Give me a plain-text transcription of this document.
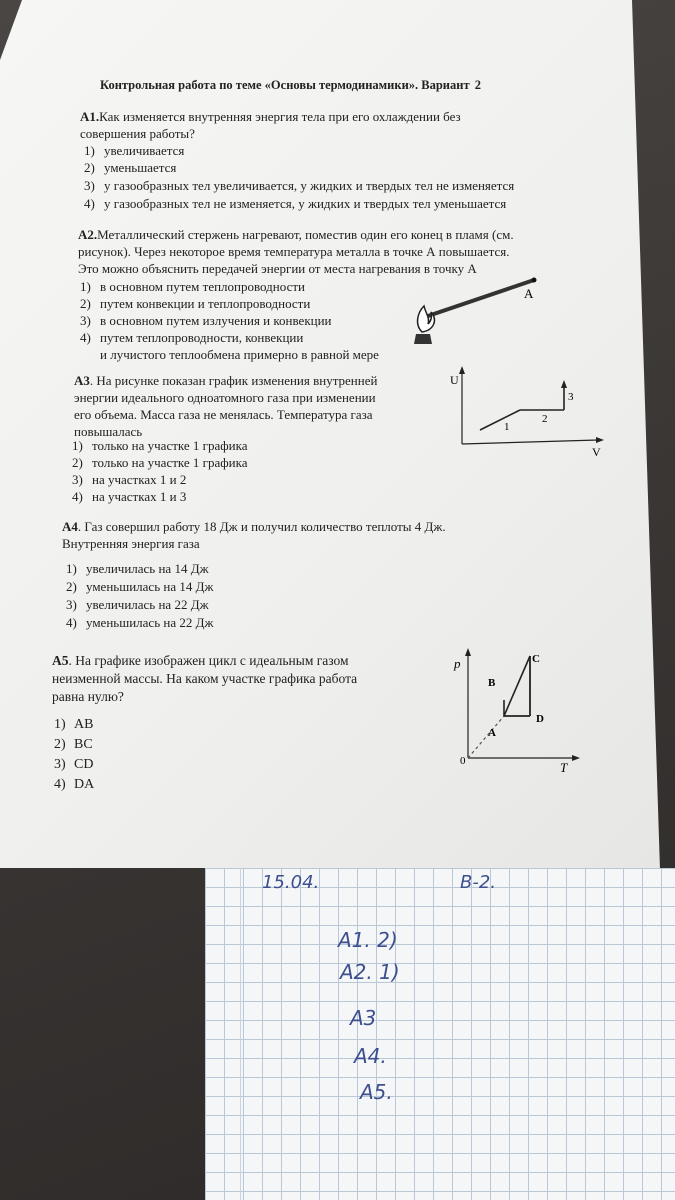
15.04.	В-2.
А1. 2)
А2. 1)
А3
А4.
А5.
Контрольная работа по теме «Основы термодинамики». Вариант 2
А1.Как изменяется внутренняя энергия тела при его охлаждении без
совершения работы?
1) увеличивается
2) уменьшается
3) у газообразных тел увеличивается, у жидких и твердых тел не изменяется
4) у газообразных тел не изменяется, у жидких и твердых тел уменьшается
А2.Металлический стержень нагревают, поместив один его конец в пламя (см.
рисунок). Через некоторое время температура металла в точке А повышается.
Это можно объяснить передачей энергии от места нагревания в точку А
1) в основном путем теплопроводности
2) путем конвекции и теплопроводности
3) в основном путем излучения и конвекции
4) путем теплопроводности, конвекции
и лучистого теплообмена примерно в равной мере
A
А3. На рисунке показан график изменения внутренней
энергии идеального одноатомного газа при изменении
его объема. Масса газа не менялась. Температура газа
повышалась
1) только на участке 1 графика
2) только на участке 1 графика
3) на участках 1 и 2
4) на участках 1 и 3
U
V
1
2
3
А4. Газ совершил работу 18 Дж и получил количество теплоты 4 Дж.
Внутренняя энергия газа
1) увеличилась на 14 Дж
2) уменьшилась на 14 Дж
3) увеличилась на 22 Дж
4) уменьшилась на 22 Дж
А5. На графике изображен цикл с идеальным газом
неизменной массы. На каком участке графика работа
равна нулю?
1) AB
2) BC
3) CD
4) DA
p
T
0
A
B
C
D
